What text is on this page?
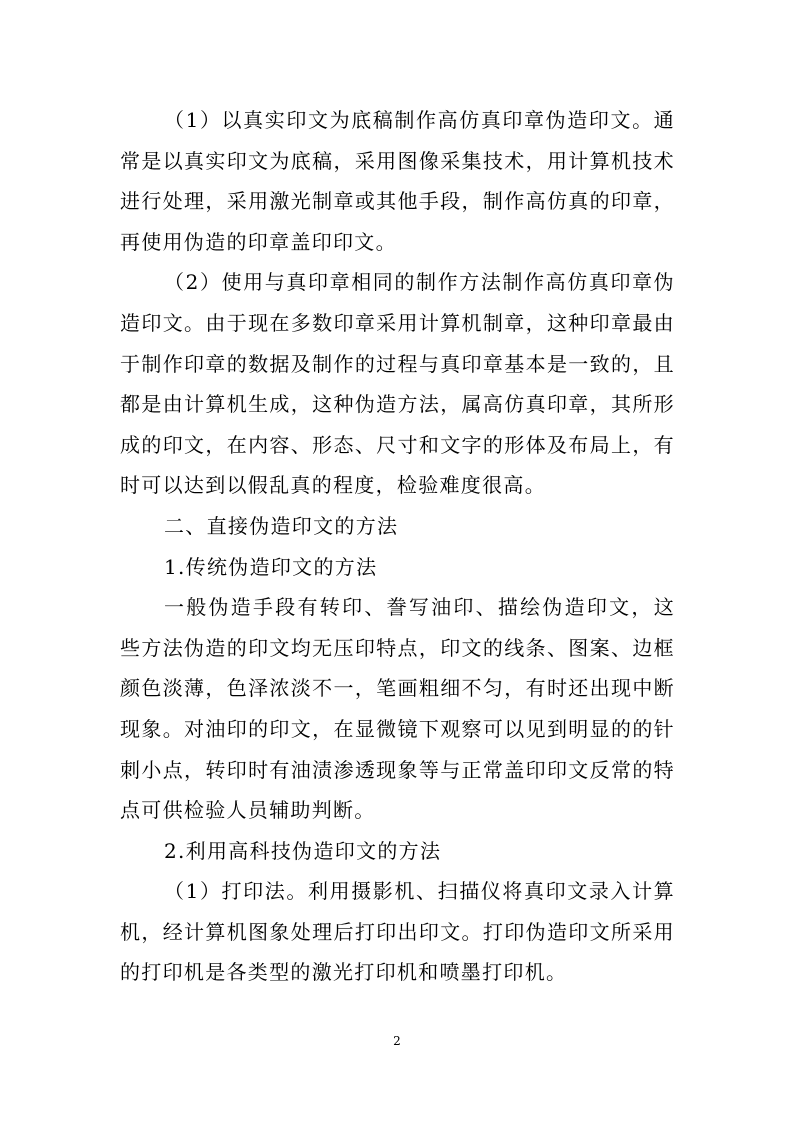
（1）以真实印文为底稿制作高仿真印章伪造印文。通常是以真实印文为底稿，采用图像采集技术，用计算机技术进行处理，采用激光制章或其他手段，制作高仿真的印章，再使用伪造的印章盖印印文。

（2）使用与真印章相同的制作方法制作高仿真印章伪造印文。由于现在多数印章采用计算机制章，这种印章最由于制作印章的数据及制作的过程与真印章基本是一致的，且都是由计算机生成，这种伪造方法，属高仿真印章，其所形成的印文，在内容、形态、尺寸和文字的形体及布局上，有时可以达到以假乱真的程度，检验难度很高。

二、直接伪造印文的方法

1.传统伪造印文的方法

一般伪造手段有转印、誊写油印、描绘伪造印文，这些方法伪造的印文均无压印特点，印文的线条、图案、边框颜色淡薄，色泽浓淡不一，笔画粗细不匀，有时还出现中断现象。对油印的印文，在显微镜下观察可以见到明显的的针刺小点，转印时有油渍渗透现象等与正常盖印印文反常的特点可供检验人员辅助判断。

2.利用高科技伪造印文的方法

（1）打印法。利用摄影机、扫描仪将真印文录入计算机，经计算机图象处理后打印出印文。打印伪造印文所采用的打印机是各类型的激光打印机和喷墨打印机。

2
